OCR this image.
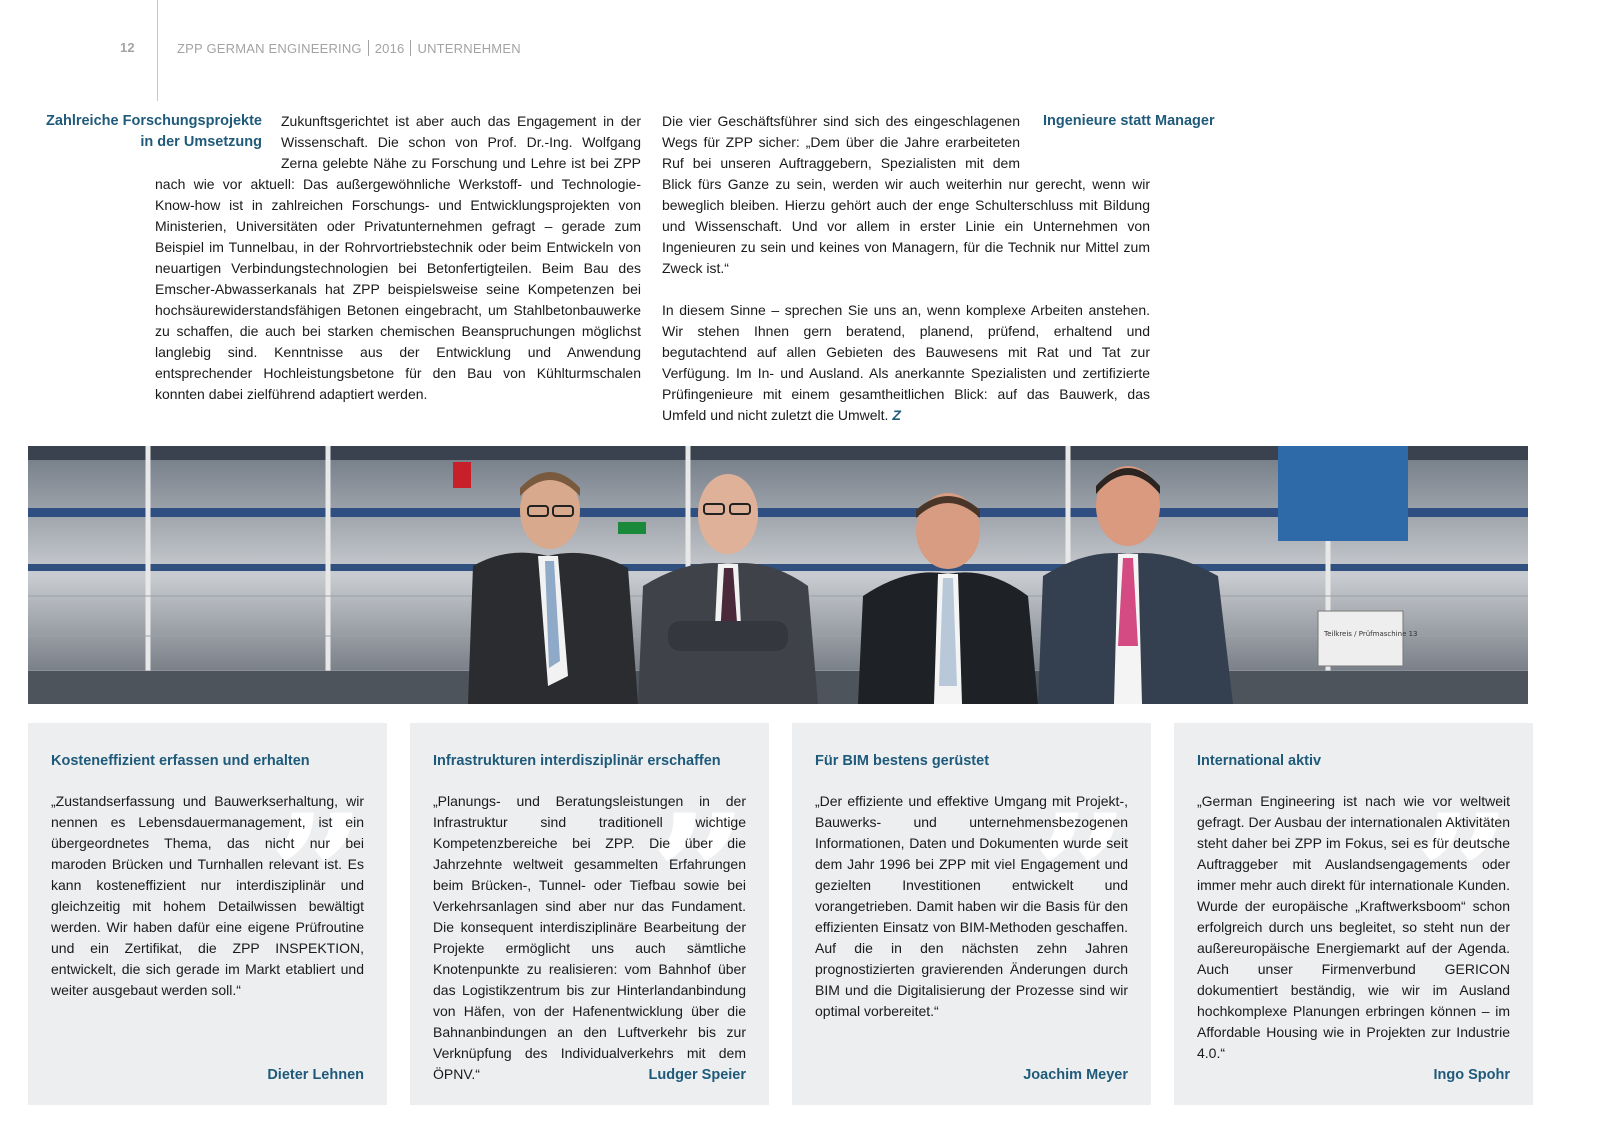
12	ZPP GERMAN ENGINEERING 2016 UNTERNEHMEN
Zahlreiche Forschungsprojekte in der Umsetzung

Zukunftsgerichtet ist aber auch das Engagement in der Wissenschaft. Die schon von Prof. Dr.-Ing. Wolfgang Zerna gelebte Nähe zu Forschung und Lehre ist bei ZPP nach wie vor aktuell: Das außergewöhnliche Werkstoff- und Technologie-Know-how ist in zahlreichen Forschungs- und Entwicklungsprojekten von Ministerien, Universitäten oder Privatunternehmen gefragt – gerade zum Beispiel im Tunnelbau, in der Rohrvortriebstechnik oder beim Entwickeln von neuartigen Verbindungstechnologien bei Betonfertigteilen. Beim Bau des Emscher-Abwasserkanals hat ZPP beispielsweise seine Kompetenzen bei hochsäurewiderstandsfähigen Betonen eingebracht, um Stahlbetonbauwerke zu schaffen, die auch bei starken chemischen Beanspruchungen möglichst langlebig sind. Kenntnisse aus der Entwicklung und Anwendung entsprechender Hochleistungsbetone für den Bau von Kühlturmschalen konnten dabei zielführend adaptiert werden.

Die vier Geschäftsführer sind sich des eingeschlagenen Wegs für ZPP sicher: „Dem über die Jahre erarbeiteten Ruf bei unseren Auftraggebern, Spezialisten mit dem Blick fürs Ganze zu sein, werden wir auch weiterhin nur gerecht, wenn wir beweglich bleiben. Hierzu gehört auch der enge Schulterschluss mit Bildung und Wissenschaft. Und vor allem in erster Linie ein Unternehmen von Ingenieuren zu sein und keines von Managern, für die Technik nur Mittel zum Zweck ist.“

In diesem Sinne – sprechen Sie uns an, wenn komplexe Arbeiten anstehen. Wir stehen Ihnen gern beratend, planend, prüfend, erhaltend und begutachtend auf allen Gebieten des Bauwesens mit Rat und Tat zur Verfügung. Im In- und Ausland. Als anerkannte Spezialisten und zertifizierte Prüfingenieure mit einem gesamtheitlichen Blick: auf das Bauwerk, das Umfeld und nicht zuletzt die Umwelt. Z

Ingenieure statt Manager
Teilkreis / Prüfmaschine 13
„
Kosteneffizient erfassen und erhalten
„Zustandserfassung und Bauwerkserhaltung, wir nennen es Lebensdauermanagement, ist ein übergeordnetes Thema, das nicht nur bei maroden Brücken und Turnhallen relevant ist. Es kann kosteneffizient nur interdisziplinär und gleichzeitig mit hohem Detailwissen bewältigt werden. Wir haben dafür eine eigene Prüfroutine und ein Zertifikat, die ZPP INSPEKTION, entwickelt, die sich gerade im Markt etabliert und weiter ausgebaut werden soll.“
Dieter Lehnen
„
Infrastrukturen interdisziplinär erschaffen
„Planungs- und Beratungsleistungen in der Infrastruktur sind traditionell wichtige Kompetenzbereiche bei ZPP. Die über die Jahrzehnte weltweit gesammelten Erfahrungen beim Brücken-, Tunnel- oder Tiefbau sowie bei Verkehrsanlagen sind aber nur das Fundament. Die konsequent interdisziplinäre Bearbeitung der Projekte ermöglicht uns auch sämtliche Knotenpunkte zu realisieren: vom Bahnhof über das Logistikzentrum bis zur Hinterlandanbindung von Häfen, von der Hafenentwicklung über die Bahnanbindungen an den Luftverkehr bis zur Verknüpfung des Individualverkehrs mit dem ÖPNV.“	Ludger Speier
„
Für BIM bestens gerüstet
„Der effiziente und effektive Umgang mit Projekt-, Bauwerks- und unternehmensbezogenen Informationen, Daten und Dokumenten wurde seit dem Jahr 1996 bei ZPP mit viel Engagement und gezielten Investitionen entwickelt und vorangetrieben. Damit haben wir die Basis für den effizienten Einsatz von BIM-Methoden geschaffen. Auf die in den nächsten zehn Jahren prognostizierten gravierenden Änderungen durch BIM und die Digitalisierung der Prozesse sind wir optimal vorbereitet.“
Joachim Meyer
„
International aktiv
„German Engineering ist nach wie vor weltweit gefragt. Der Ausbau der internationalen Aktivitäten steht daher bei ZPP im Fokus, sei es für deutsche Auftraggeber mit Auslandsengagements oder immer mehr auch direkt für internationale Kunden. Wurde der europäische „Kraftwerksboom“ schon erfolgreich durch uns begleitet, so steht nun der außereuropäische Energiemarkt auf der Agenda. Auch unser Firmenverbund GERICON dokumentiert beständig, wie wir im Ausland hochkomplexe Planungen erbringen können – im Affordable Housing wie in Projekten zur Industrie 4.0.“
Ingo Spohr
